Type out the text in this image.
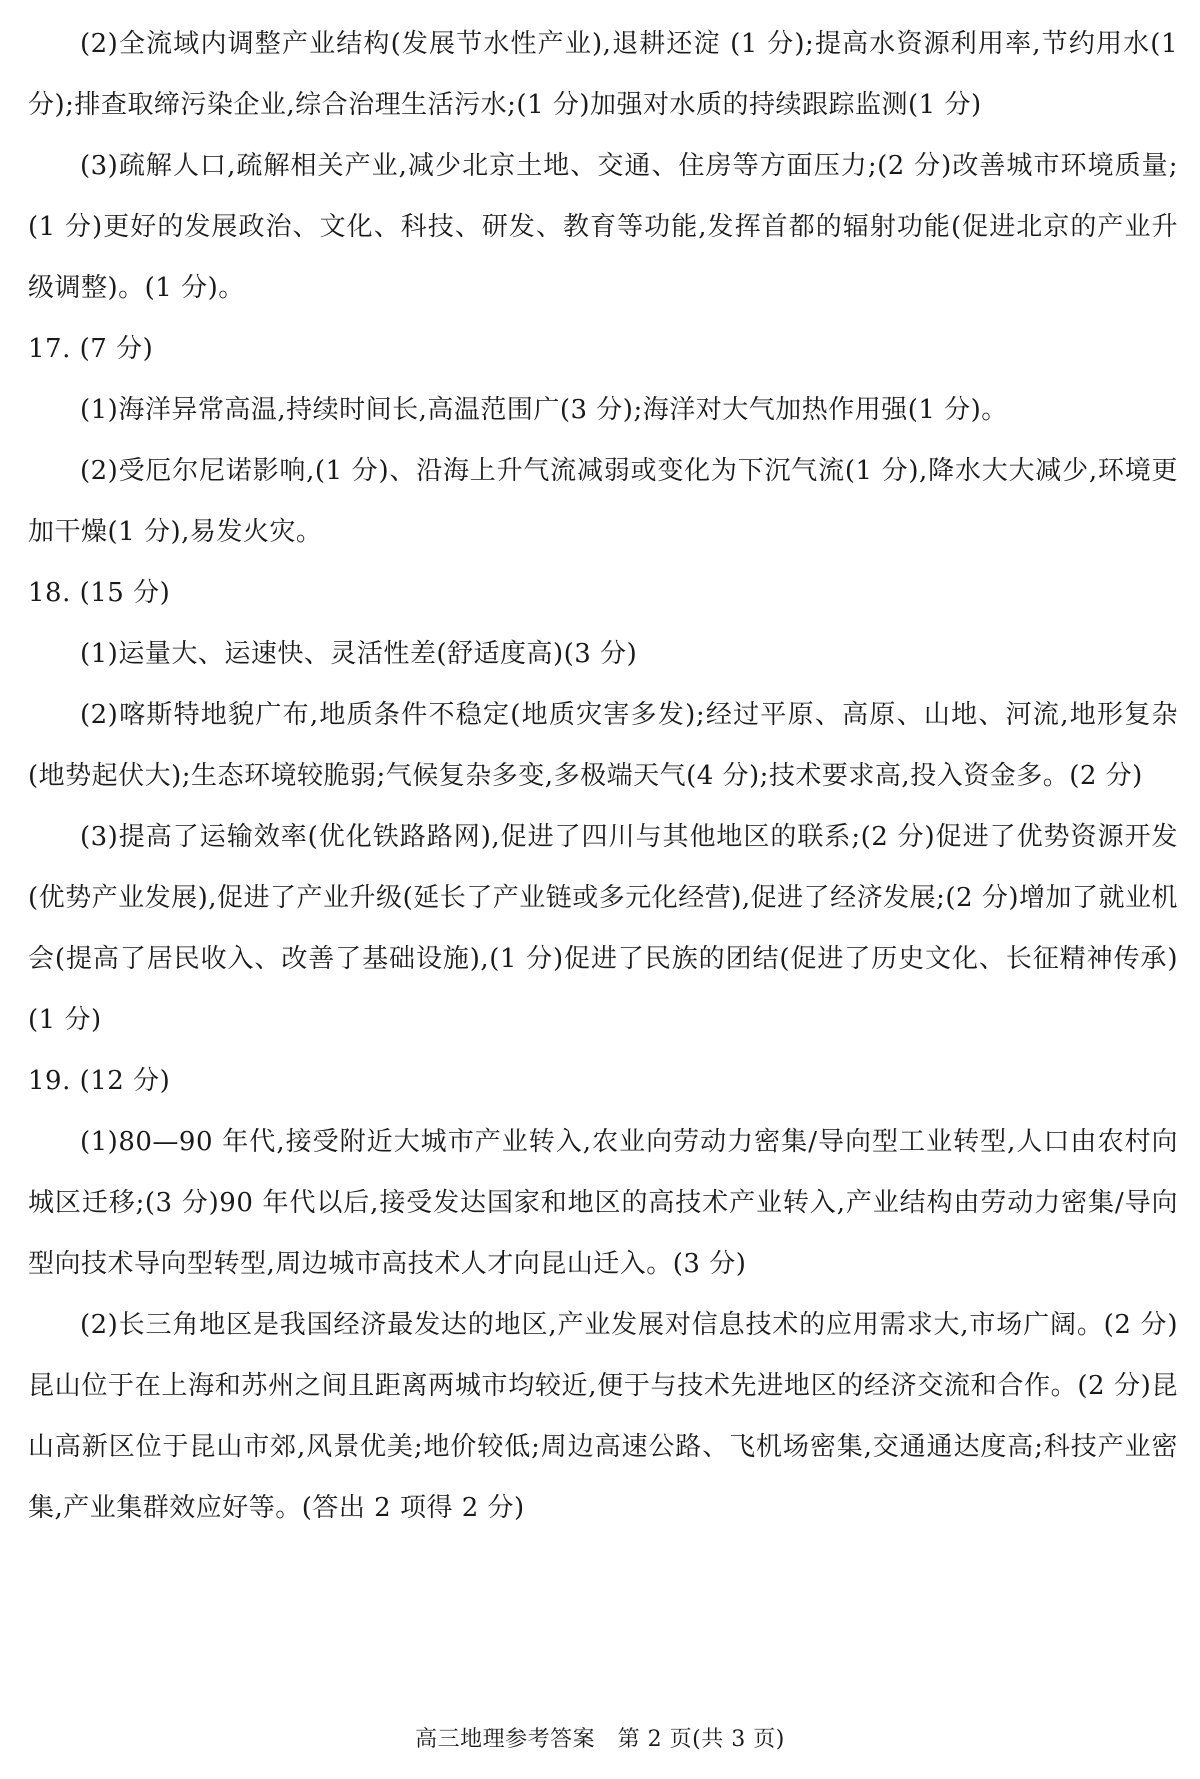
(2)全流域内调整产业结构(发展节水性产业),退耕还淀 (1 分);提高水资源利用率,节约用水(1 分);排查取缔污染企业,综合治理生活污水;(1 分)加强对水质的持续跟踪监测(1 分)

(3)疏解人口,疏解相关产业,减少北京土地、交通、住房等方面压力;(2 分)改善城市环境质量;(1 分)更好的发展政治、文化、科技、研发、教育等功能,发挥首都的辐射功能(促进北京的产业升级调整)。(1 分)。

17. (7 分)

(1)海洋异常高温,持续时间长,高温范围广(3 分);海洋对大气加热作用强(1 分)。

(2)受厄尔尼诺影响,(1 分)、沿海上升气流减弱或变化为下沉气流(1 分),降水大大减少,环境更加干燥(1 分),易发火灾。

18. (15 分)

(1)运量大、运速快、灵活性差(舒适度高)(3 分)

(2)喀斯特地貌广布,地质条件不稳定(地质灾害多发);经过平原、高原、山地、河流,地形复杂(地势起伏大);生态环境较脆弱;气候复杂多变,多极端天气(4 分);技术要求高,投入资金多。(2 分)

(3)提高了运输效率(优化铁路路网),促进了四川与其他地区的联系;(2 分)促进了优势资源开发(优势产业发展),促进了产业升级(延长了产业链或多元化经营),促进了经济发展;(2 分)增加了就业机会(提高了居民收入、改善了基础设施),(1 分)促进了民族的团结(促进了历史文化、长征精神传承)(1 分)

19. (12 分)

(1)80—90 年代,接受附近大城市产业转入,农业向劳动力密集/导向型工业转型,人口由农村向城区迁移;(3 分)90 年代以后,接受发达国家和地区的高技术产业转入,产业结构由劳动力密集/导向型向技术导向型转型,周边城市高技术人才向昆山迁入。(3 分)

(2)长三角地区是我国经济最发达的地区,产业发展对信息技术的应用需求大,市场广阔。(2 分)昆山位于在上海和苏州之间且距离两城市均较近,便于与技术先进地区的经济交流和合作。(2 分)昆山高新区位于昆山市郊,风景优美;地价较低;周边高速公路、飞机场密集,交通通达度高;科技产业密集,产业集群效应好等。(答出 2 项得 2 分)

高三地理参考答案　第 2 页(共 3 页)
